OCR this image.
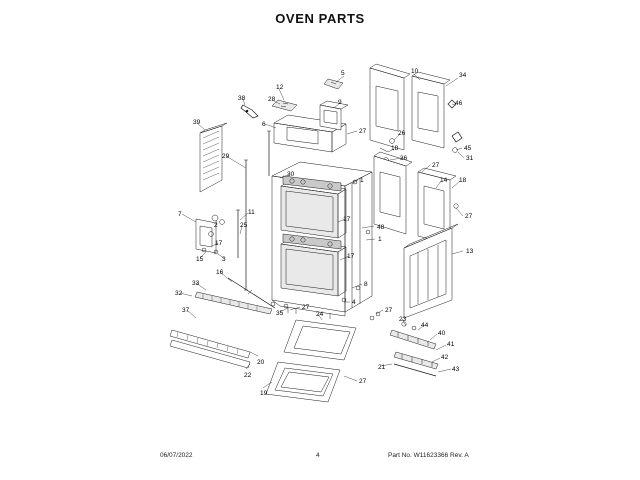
OVEN PARTS
5	10
34
12
28
38
9	46
6
27
39
26
45
36	31
29
18
27
30
14 18
1
7	11
17
2
27
48
25
17
15	3
1
13
17
16
33	8
32
4
27
35	27
37
24
23
44
40
41
21
42
20
43
22
27
19
06/07/2022	4	Part No. W11623366 Rev. A
